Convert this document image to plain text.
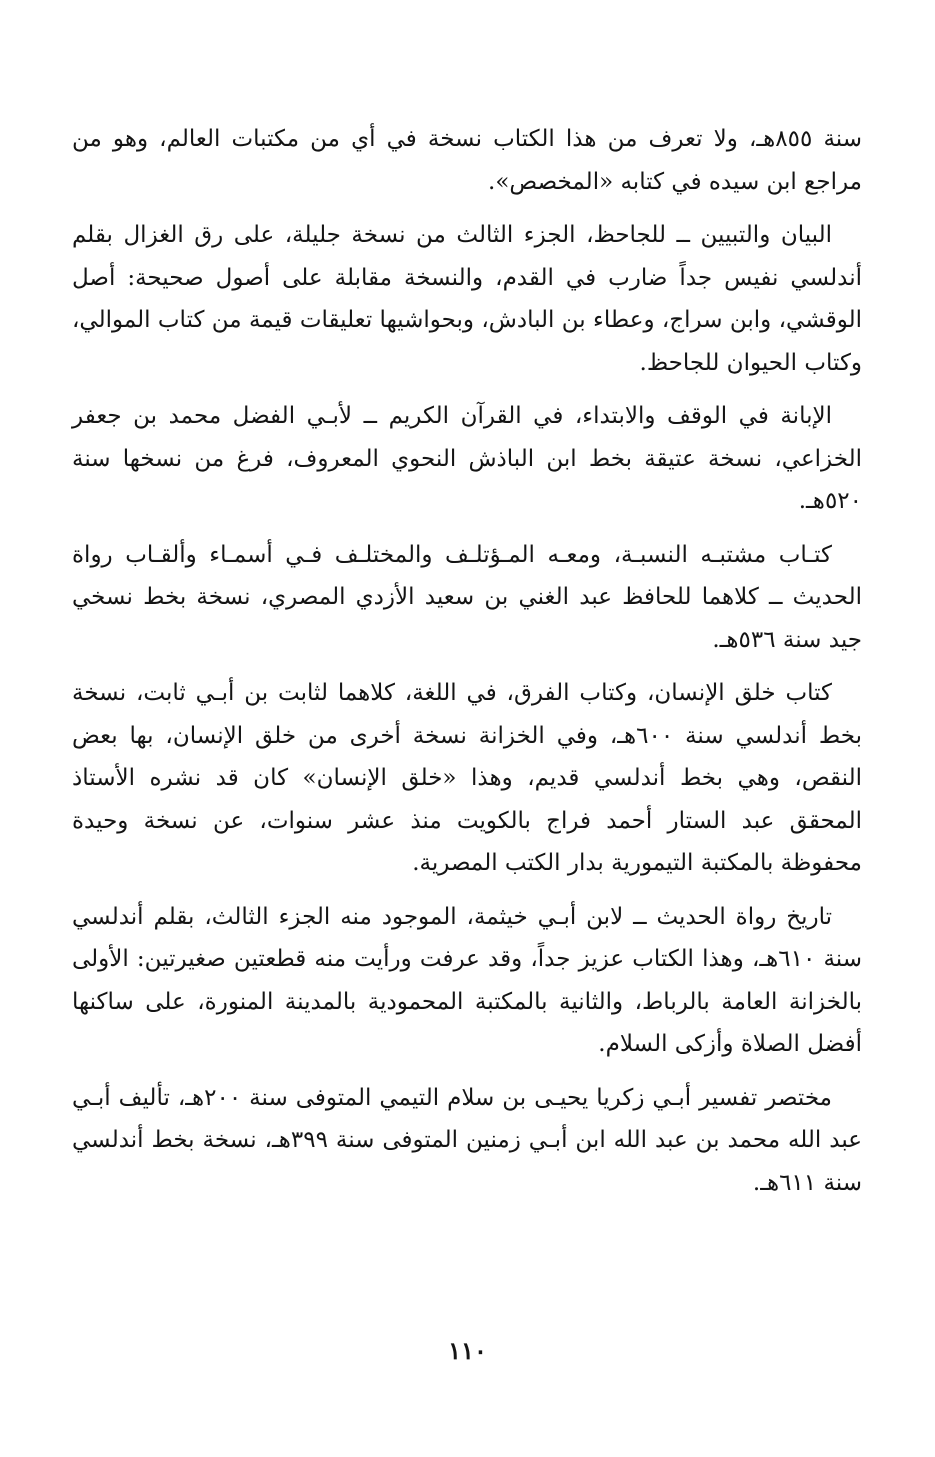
سنة ٨٥٥هـ، ولا تعرف من هذا الكتاب نسخة في أي من مكتبات العالم، وهو من مراجع ابن سيده في كتابه «المخصص».

البيان والتبيين ــ للجاحظ، الجزء الثالث من نسخة جليلة، على رق الغزال بقلم أندلسي نفيس جداً ضارب في القدم، والنسخة مقابلة على أصول صحيحة: أصل الوقشي، وابن سراج، وعطاء بن البادش، وبحواشيها تعليقات قيمة من كتاب الموالي، وكتاب الحيوان للجاحظ.

الإبانة في الوقف والابتداء، في القرآن الكريم ــ لأبـي الفضل محمد بن جعفر الخزاعي، نسخة عتيقة بخط ابن الباذش النحوي المعروف، فرغ من نسخها سنة ٥٢٠هـ.

كتـاب مشتبـه النسبـة، ومعـه المـؤتلـف والمختلـف فـي أسمـاء وألقـاب رواة الحديث ــ كلاهما للحافظ عبد الغني بن سعيد الأزدي المصري، نسخة بخط نسخي جيد سنة ٥٣٦هـ.

كتاب خلق الإنسان، وكتاب الفرق، في اللغة، كلاهما لثابت بن أبـي ثابت، نسخة بخط أندلسي سنة ٦٠٠هـ، وفي الخزانة نسخة أخرى من خلق الإنسان، بها بعض النقص، وهي بخط أندلسي قديم، وهذا «خلق الإنسان» كان قد نشره الأستاذ المحقق عبد الستار أحمد فراج بالكويت منذ عشر سنوات، عن نسخة وحيدة محفوظة بالمكتبة التيمورية بدار الكتب المصرية.

تاريخ رواة الحديث ــ لابن أبـي خيثمة، الموجود منه الجزء الثالث، بقلم أندلسي سنة ٦١٠هـ، وهذا الكتاب عزيز جداً، وقد عرفت ورأيت منه قطعتين صغيرتين: الأولى بالخزانة العامة بالرباط، والثانية بالمكتبة المحمودية بالمدينة المنورة، على ساكنها أفضل الصلاة وأزكى السلام.

مختصر تفسير أبـي زكريا يحيـى بن سلام التيمي المتوفى سنة ٢٠٠هـ، تأليف أبـي عبد الله محمد بن عبد الله ابن أبـي زمنين المتوفى سنة ٣٩٩هـ، نسخة بخط أندلسي سنة ٦١١هـ.

١١٠
